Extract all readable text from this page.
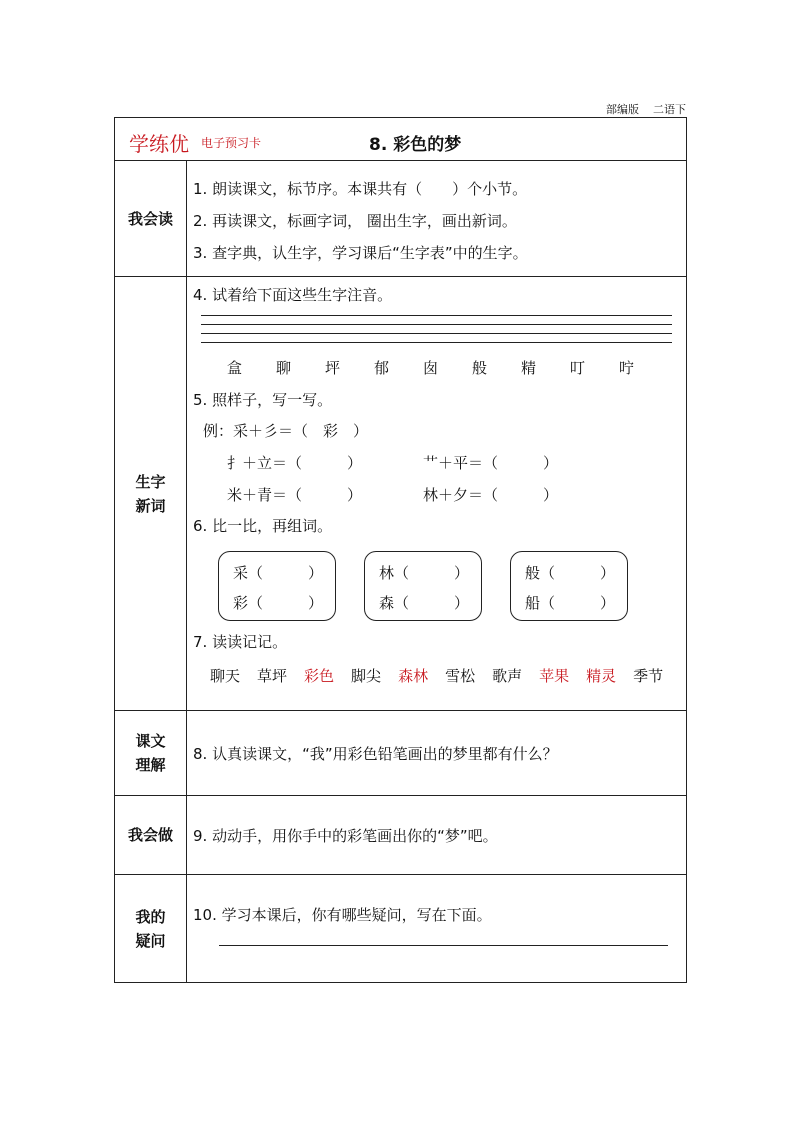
部编版 二语下
学练优 电子预习卡	8. 彩色的梦
我会读
1. 朗读课文，标节序。本课共有（　　）个小节。
2. 再读课文，标画字词， 圈出生字，画出新词。
3. 查字典，认生字，学习课后“生字表”中的生字。
生字
新词
4. 试着给下面这些生字注音。
盒 聊 坪 郁 囱 般 精 叮 咛
5. 照样子，写一写。
例：采＋彡＝（　彩　）
扌＋立＝（　　　）	艹＋平＝（　　　）
米＋青＝（　　　）	林＋夕＝（　　　）
6. 比一比，再组词。
采（　　　）
彩（　　　）
林（　　　）
森（　　　）
般（　　　）
船（　　　）
7. 读读记记。
聊天 草坪 彩色 脚尖 森林 雪松 歌声 苹果 精灵 季节
课文
理解
8. 认真读课文，“我”用彩色铅笔画出的梦里都有什么？
我会做	9. 动动手，用你手中的彩笔画出你的“梦”吧。
我的
疑问
10. 学习本课后，你有哪些疑问，写在下面。
